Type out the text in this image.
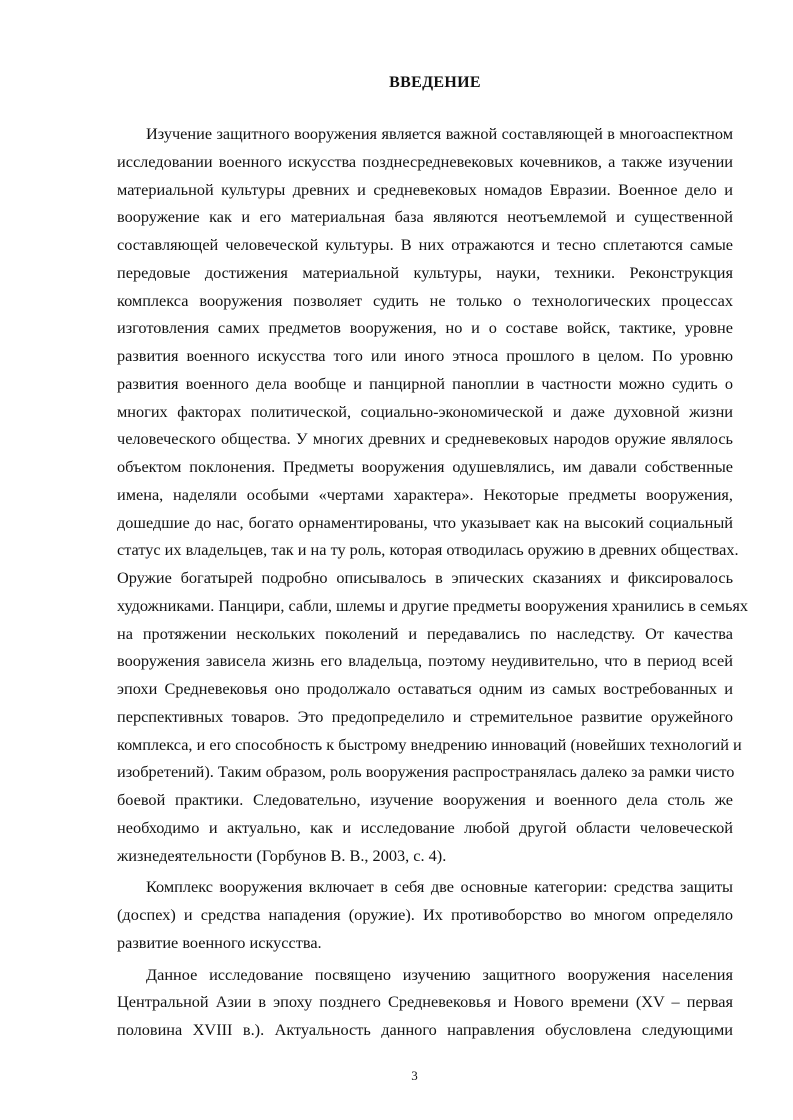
ВВЕДЕНИЕ
Изучение защитного вооружения является важной составляющей в многоаспектном
исследовании военного искусства позднесредневековых кочевников, а также изучении
материальной культуры древних и средневековых номадов Евразии. Военное дело и
вооружение как и его материальная база являются неотъемлемой и существенной
составляющей человеческой культуры. В них отражаются и тесно сплетаются самые
передовые достижения материальной культуры, науки, техники. Реконструкция
комплекса вооружения позволяет судить не только о технологических процессах
изготовления самих предметов вооружения, но и о составе войск, тактике, уровне
развития военного искусства того или иного этноса прошлого в целом. По уровню
развития военного дела вообще и панцирной паноплии в частности можно судить о
многих факторах политической, социально-экономической и даже духовной жизни
человеческого общества. У многих древних и средневековых народов оружие являлось
объектом поклонения. Предметы вооружения одушевлялись, им давали собственные
имена, наделяли особыми «чертами характера». Некоторые предметы вооружения,
дошедшие до нас, богато орнаментированы, что указывает как на высокий социальный
статус их владельцев, так и на ту роль, которая отводилась оружию в древних обществах.
Оружие богатырей подробно описывалось в эпических сказаниях и фиксировалось
художниками. Панцири, сабли, шлемы и другие предметы вооружения хранились в семьях
на протяжении нескольких поколений и передавались по наследству. От качества
вооружения зависела жизнь его владельца, поэтому неудивительно, что в период всей
эпохи Средневековья оно продолжало оставаться одним из самых востребованных и
перспективных товаров. Это предопределило и стремительное развитие оружейного
комплекса, и его способность к быстрому внедрению инноваций (новейших технологий и
изобретений). Таким образом, роль вооружения распространялась далеко за рамки чисто
боевой практики. Следовательно, изучение вооружения и военного дела столь же
необходимо и актуально, как и исследование любой другой области человеческой
жизнедеятельности (Горбунов В. В., 2003, с. 4).
Комплекс вооружения включает в себя две основные категории: средства защиты
(доспех) и средства нападения (оружие). Их противоборство во многом определяло
развитие военного искусства.
Данное исследование посвящено изучению защитного вооружения населения
Центральной Азии в эпоху позднего Средневековья и Нового времени (XV – первая
половина XVIII в.). Актуальность данного направления обусловлена следующими
3
